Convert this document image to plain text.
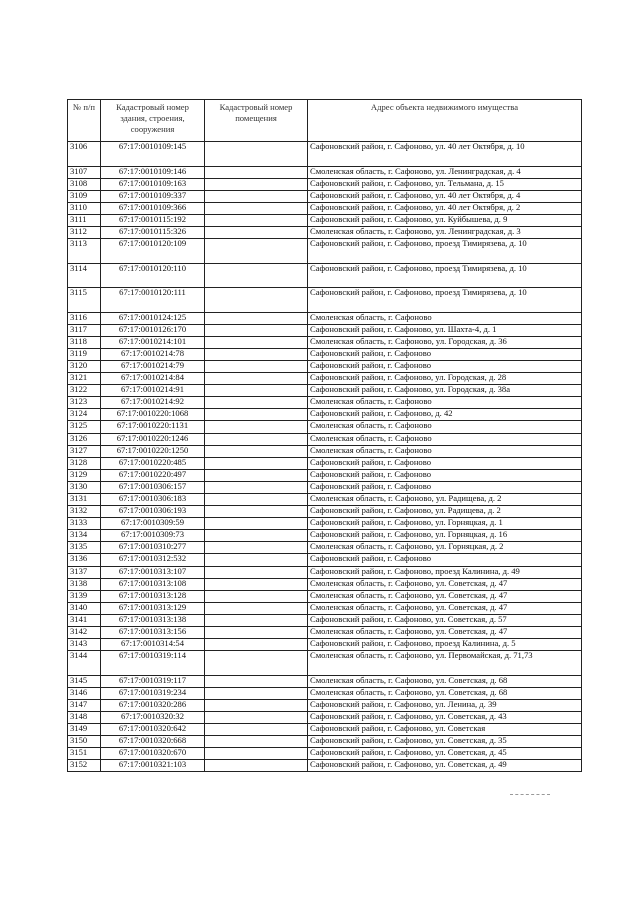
№ п/п	Кадастровый номер здания, строения, сооружения	Кадастровый номер помещения	Адрес объекта недвижимого имущества
3106	67:17:0010109:145		Сафоновский район, г. Сафоново, ул. 40 лет Октября, д. 10
3107	67:17:0010109:146		Смоленская область, г. Сафоново, ул. Ленинградская, д. 4
3108	67:17:0010109:163		Сафоновский район, г. Сафоново, ул. Тельмана, д. 15
3109	67:17:0010109:337		Сафоновский район, г. Сафоново, ул. 40 лет Октября, д. 4
3110	67:17:0010109:366		Сафоновский район, г. Сафоново, ул. 40 лет Октября, д. 2
3111	67:17:0010115:192		Сафоновский район, г. Сафоново, ул. Куйбышева, д. 9
3112	67:17:0010115:326		Смоленская область, г. Сафоново, ул. Ленинградская, д. 3
3113	67:17:0010120:109		Сафоновский район, г. Сафоново, проезд Тимирязева, д. 10
3114	67:17:0010120:110		Сафоновский район, г. Сафоново, проезд Тимирязева, д. 10
3115	67:17:0010120:111		Сафоновский район, г. Сафоново, проезд Тимирязева, д. 10
3116	67:17:0010124:125		Смоленская область, г. Сафоново
3117	67:17:0010126:170		Сафоновский район, г. Сафоново, ул. Шахта-4, д. 1
3118	67:17:0010214:101		Смоленская область, г. Сафоново, ул. Городская, д. 36
3119	67:17:0010214:78		Сафоновский район, г. Сафоново
3120	67:17:0010214:79		Сафоновский район, г. Сафоново
3121	67:17:0010214:84		Сафоновский район, г. Сафоново, ул. Городская, д. 28
3122	67:17:0010214:91		Сафоновский район, г. Сафоново, ул. Городская, д. 38а
3123	67:17:0010214:92		Смоленская область, г. Сафоново
3124	67:17:0010220:1068		Сафоновский район, г. Сафоново, д. 42
3125	67:17:0010220:1131		Смоленская область, г. Сафоново
3126	67:17:0010220:1246		Смоленская область, г. Сафоново
3127	67:17:0010220:1250		Смоленская область, г. Сафоново
3128	67:17:0010220:485		Сафоновский район, г. Сафоново
3129	67:17:0010220:497		Сафоновский район, г. Сафоново
3130	67:17:0010306:157		Сафоновский район, г. Сафоново
3131	67:17:0010306:183		Смоленская область, г. Сафоново, ул. Радищева, д. 2
3132	67:17:0010306:193		Сафоновский район, г. Сафоново, ул. Радищева, д. 2
3133	67:17:0010309:59		Сафоновский район, г. Сафоново, ул. Горняцкая, д. 1
3134	67:17:0010309:73		Сафоновский район, г. Сафоново, ул. Горняцкая, д. 16
3135	67:17:0010310:277		Смоленская область, г. Сафоново, ул. Горняцкая, д. 2
3136	67:17:0010312:532		Сафоновский район, г. Сафоново
3137	67:17:0010313:107		Сафоновский район, г. Сафоново, проезд Калинина, д. 49
3138	67:17:0010313:108		Смоленская область, г. Сафоново, ул. Советская, д. 47
3139	67:17:0010313:128		Смоленская область, г. Сафоново, ул. Советская, д. 47
3140	67:17:0010313:129		Смоленская область, г. Сафоново, ул. Советская, д. 47
3141	67:17:0010313:138		Сафоновский район, г. Сафоново, ул. Советская, д. 57
3142	67:17:0010313:156		Смоленская область, г. Сафоново, ул. Советская, д. 47
3143	67:17:0010314:54		Сафоновский район, г. Сафоново, проезд Калинина, д. 5
3144	67:17:0010319:114		Смоленская область, г. Сафоново, ул. Первомайская, д. 71,73
3145	67:17:0010319:117		Смоленская область, г. Сафоново, ул. Советская, д. 68
3146	67:17:0010319:234		Смоленская область, г. Сафоново, ул. Советская, д. 68
3147	67:17:0010320:286		Сафоновский район, г. Сафоново, ул. Ленина, д. 39
3148	67:17:0010320:32		Сафоновский район, г. Сафоново, ул. Советская, д. 43
3149	67:17:0010320:642		Сафоновский район, г. Сафоново, ул. Советская
3150	67:17:0010320:668		Сафоновский район, г. Сафоново, ул. Советская, д. 35
3151	67:17:0010320:670		Сафоновский район, г. Сафоново, ул. Советская, д. 45
3152	67:17:0010321:103		Сафоновский район, г. Сафоново, ул. Советская, д. 49
